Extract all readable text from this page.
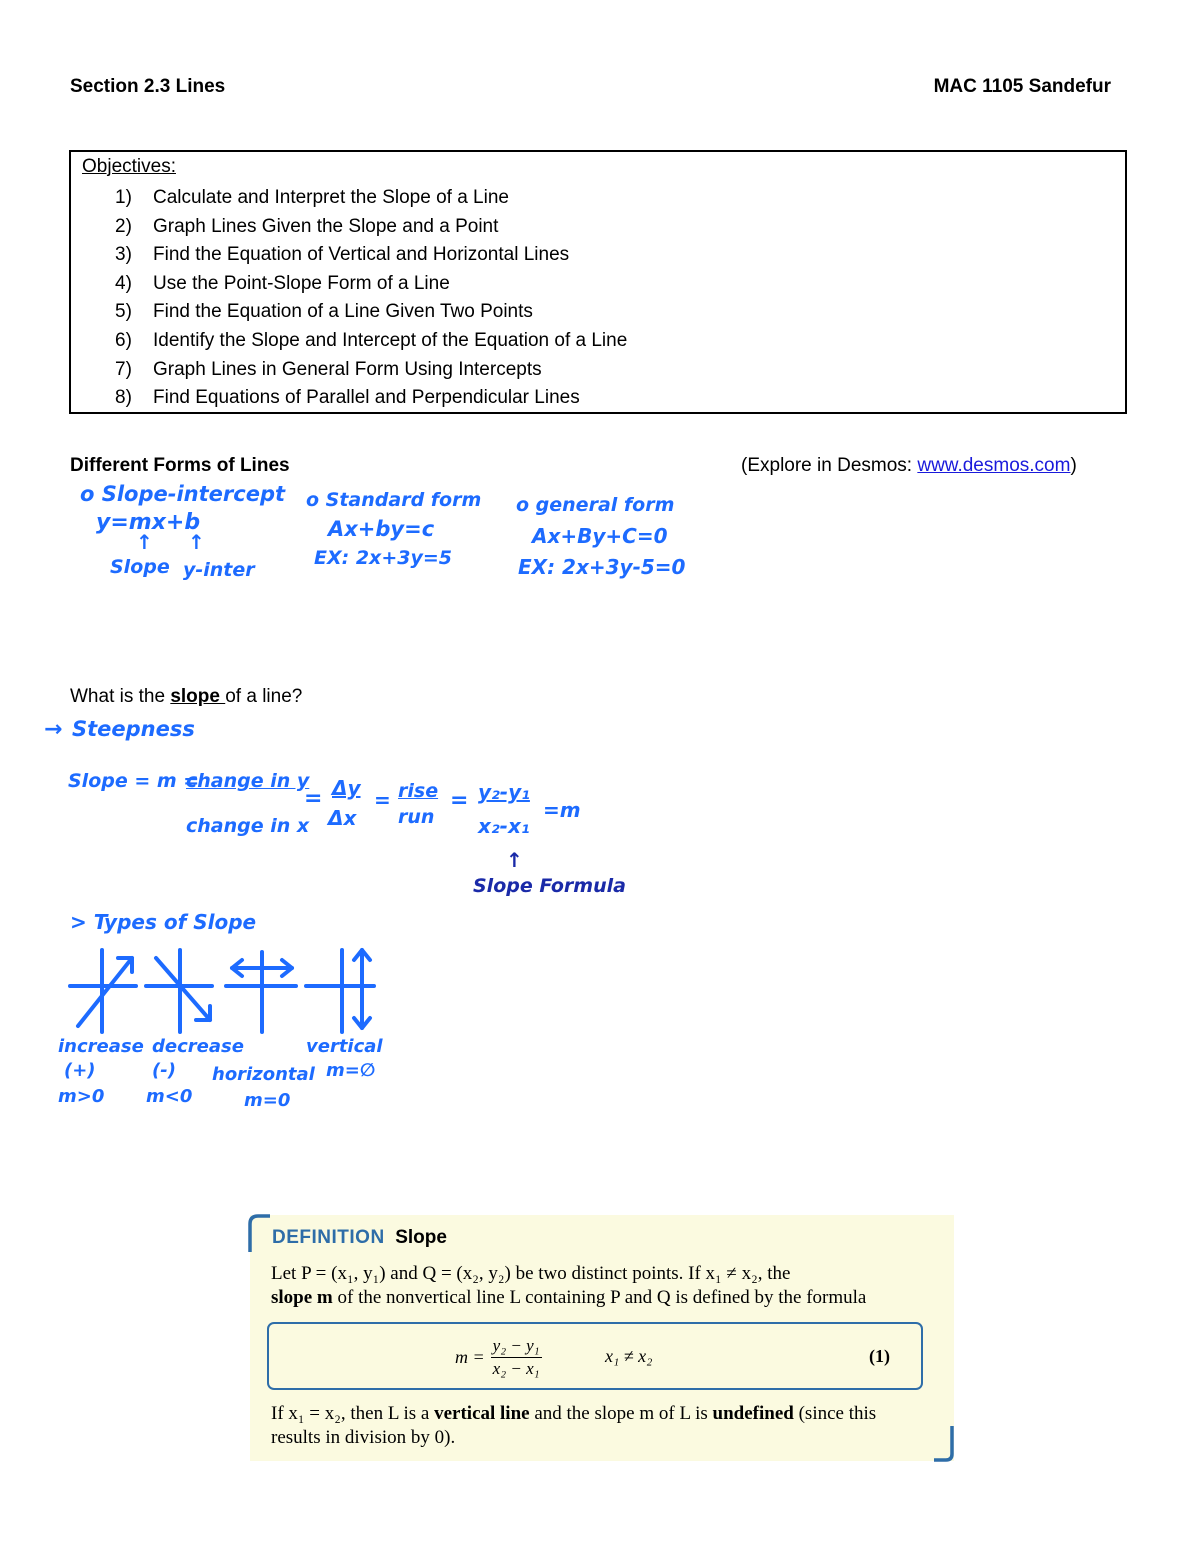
Section 2.3 Lines	MAC 1105 Sandefur
Objectives:
1) Calculate and Interpret the Slope of a Line
2) Graph Lines Given the Slope and a Point
3) Find the Equation of Vertical and Horizontal Lines
4) Use the Point-Slope Form of a Line
5) Find the Equation of a Line Given Two Points
6) Identify the Slope and Intercept of the Equation of a Line
7) Graph Lines in General Form Using Intercepts
8) Find Equations of Parallel and Perpendicular Lines
Different Forms of Lines	(Explore in Desmos: www.desmos.com)
o Slope-intercept
y=mx+b
↑ ↑
Slope y-inter
o Standard form
Ax+by=c
EX: 2x+3y=5
o general form
Ax+By+C=0
EX: 2x+3y-5=0
What is the slope of a line?
→ Steepness
Slope = m =
change in y
change in x
= Δy
Δx
= rise
run
= y₂-y₁
x₂-x₁
=m
↑
Slope Formula
> Types of Slope
increase
(+)
m>0
decrease
(-)
m<0
horizontal
m=0
vertical
m=∅
DEFINITION Slope
Let P = (x₁, y₁) and Q = (x₂, y₂) be two distinct points. If x₁ ≠ x₂, the
slope m of the nonvertical line L containing P and Q is defined by the formula
$m = \frac{\text{y₂ − y₁}}{\text{x₂ − x₁}}$	x₁ ≠ x₂	(1)
If x₁ = x₂, then L is a vertical line and the slope m of L is undefined (since this
results in division by 0).
